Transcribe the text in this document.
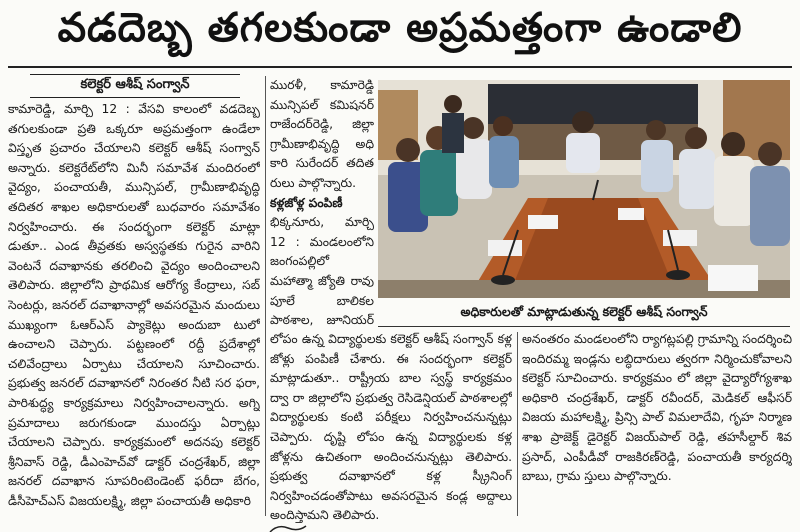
వడదెబ్బ తగలకుండా అప్రమత్తంగా ఉండాలి
కలెక్టర్ ఆశీష్ సంగ్వాన్

కామారెడ్డి, మార్చి 12 : వేసవి కాలంలో వడదెబ్బ తగులకుండా ప్రతి ఒక్కరూ అప్రమత్తంగా ఉండేలా విస్తృత ప్రచారం చేయాలని కలెక్టర్ ఆశీష్ సంగ్వాన్ అన్నారు. కలెక్టరేట్‌లోని మినీ సమావేశ మందిరంలో వైద్యం, పంచాయతీ, మున్సిపల్, గ్రామీణాభివృద్ధి తదితర శాఖల అధికారులతో బుధవారం సమావేశం నిర్వహించారు. ఈ సందర్భంగా కలెక్టర్ మాట్లా డుతూ.. ఎండ తీవ్రతకు అస్వస్థతకు గురైన వారిని వెంటనే దవాఖానకు తరలించి వైద్యం అందించాలని తెలిపారు. జిల్లాలోని ప్రాథమిక ఆరోగ్య కేంద్రాలు, సబ్ సెంటర్లు, జనరల్ దవాఖానాల్లో అవసరమైన మందులు ముఖ్యంగా ఓఆర్ఎస్ ప్యాకెట్లు అందుబా టులో ఉంచాలని చెప్పారు. పట్టణంలో రద్దీ ప్రదేశాల్లో చలివేంద్రాలు ఏర్పాటు చేయాలని సూచించారు. ప్రభుత్వ జనరల్ దవాఖానలో నిరంతర నీటి సర ఫరా, పారిశుద్ధ్య కార్యక్రమాలు నిర్వహించాలన్నారు. అగ్ని ప్రమాదాలు జరుగకుండా ముందస్తు ఏర్పాట్లు చేయాలని చెప్పారు. కార్యక్రమంలో అదనపు కలెక్టర్ శ్రీనివాస్ రెడ్డి, డీఎంహెచ్‌వో డాక్టర్ చంద్రశేఖర్, జిల్లా జనరల్ దవాఖాన సూపరింటెండెంట్ ఫరీదా బేగం, డీసీహెచ్ఎస్ విజయలక్ష్మి, జిల్లా పంచాయతీ అధికారి

మురళీ, కామారెడ్డి మున్సిపల్ కమిషనర్ రాజేందర్‌రెడ్డి, జిల్లా గ్రామీణాభివృద్ధి అధి కారి సురేందర్ తదిత రులు పాల్గొన్నారు.

కళ్లజోళ్ల పంపిణీ

భిక్కనూరు, మార్చి 12 : మండలంలోని జంగంపల్లిలో మహాత్మా జ్యోతి రావు పూలే బాలికల పాఠశాల, జూనియర్

లోపం ఉన్న విద్యార్థులకు కలెక్టర్ ఆశీష్ సంగ్వాన్ కళ్ల జోళ్లు పంపిణీ చేశారు. ఈ సందర్భంగా కలెక్టర్ మాట్లాడుతూ.. రాష్ట్రీయ బాల స్వస్థ్ కార్యక్రమం ద్వా రా జిల్లాలోని ప్రభుత్వ రెసిడెన్షియల్ పాఠశాలల్లో విద్యార్థులకు కంటి పరీక్షలు నిర్వహించనున్నట్లు చెప్పారు. దృష్టి లోపం ఉన్న విద్యార్థులకు కళ్ల జోళ్లను ఉచితంగా అందించనున్నట్లు తెలిపారు. ప్రభుత్వ దవాఖానలో కళ్ల స్క్రీనింగ్ నిర్వహించడంతోపాటు అవసరమైన కండ్ల అద్దాలు అందిస్తామని తెలిపారు.

అనంతరం మండలంలోని ర్యాగట్లపల్లి గ్రామాన్ని సందర్శించి ఇందిరమ్మ ఇండ్లను లబ్ధిదారులు త్వరగా నిర్మించుకోవాలని కలెక్టర్ సూచించారు. కార్యక్రమం లో జిల్లా వైద్యారోగ్యశాఖ అధికారి చంద్రశేఖర్, డాక్టర్ రవీందర్, మెడికల్ ఆఫీసర్ విజయ మహాలక్ష్మి, ప్రిన్సి పాల్ విమలాదేవి, గృహ నిర్మాణ శాఖ ప్రాజెక్ట్ డైరెక్టర్ విజయ్‌పాల్ రెడ్డి, తహసీల్దార్ శివ ప్రసాద్, ఎంపీడీవో రాజకిరణ్‌రెడ్డి, పంచాయతీ కార్యదర్శి బాబు, గ్రామ స్తులు పాల్గొన్నారు.

అధికారులతో మాట్లాడుతున్న కలెక్టర్ ఆశీష్ సంగ్వాన్
